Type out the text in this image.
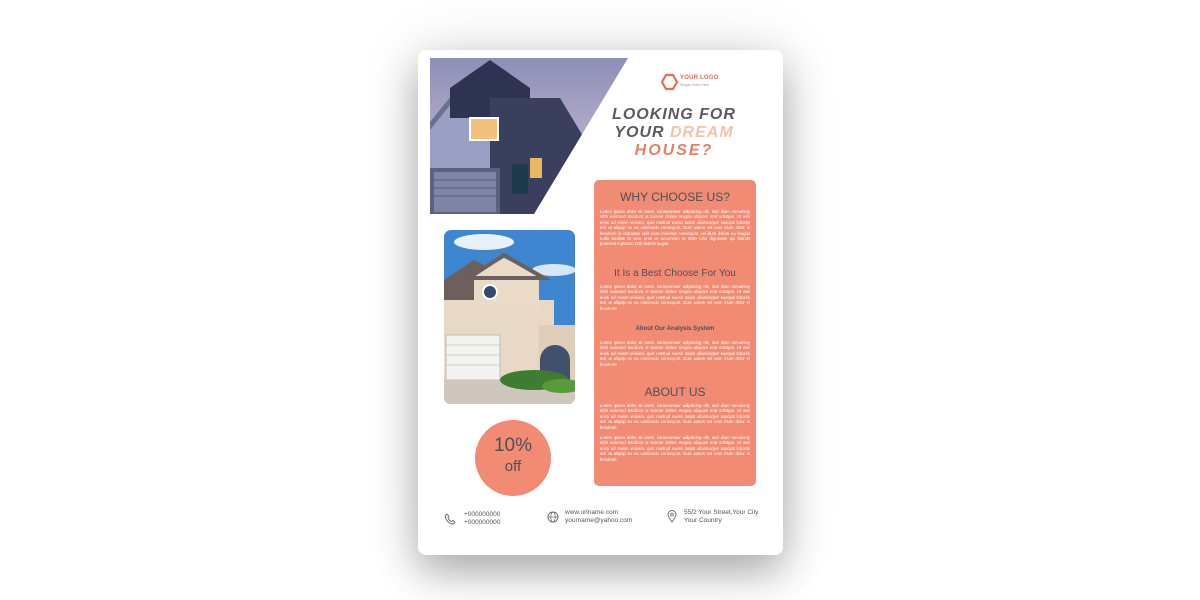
YOUR LOGO
Slogan Goes Here
LOOKING FOR
YOUR DREAM
HOUSE?
WHY CHOOSE US?
Lorem ipsum dolor sit amet, consectetuer adipiscing elit, sed diam nonummy nibh euismod tincidunt ut laoreet dolore magna aliquam erat volutpat. Ut wisi enim ad minim veniam, quis nostrud exerci tation ullamcorper suscipit lobortis nisl ut aliquip ex ea commodo consequat. Duis autem vel eum iriure dolor in hendrerit in vulputate velit esse molestie consequat, vel illum dolore eu feugiat nulla facilisis at vero eros et accumsan et iusto odio dignissim qui blandit praesent luptatum zzril delenit augue.
It Is a Best Choose For You
Lorem ipsum dolor sit amet, consectetuer adipiscing elit, sed diam nonummy nibh euismod tincidunt ut laoreet dolore magna aliquam erat volutpat. Ut wisi enim ad minim veniam, quis nostrud exerci tation ullamcorper suscipit lobortis nisl ut aliquip ex ea commodo consequat. Duis autem vel eum iriure dolor in hendrerit
About Our Analysis System
Lorem ipsum dolor sit amet, consectetuer adipiscing elit, sed diam nonummy nibh euismod tincidunt ut laoreet dolore magna aliquam erat volutpat. Ut wisi enim ad minim veniam, quis nostrud exerci tation ullamcorper suscipit lobortis nisl ut aliquip ex ea commodo consequat. Duis autem vel eum iriure dolor in hendrerit
ABOUT US
Lorem ipsum dolor sit amet, consectetuer adipiscing elit, sed diam nonummy nibh euismod tincidunt ut laoreet dolore magna aliquam erat volutpat. Ut wisi enim ad minim veniam, quis nostrud exerci tation ullamcorper suscipit lobortis nisl ut aliquip ex ea commodo consequat. Duis autem vel eum iriure dolor in hendrerit
Lorem ipsum dolor sit amet, consectetuer adipiscing elit, sed diam nonummy nibh euismod tincidunt ut laoreet dolore magna aliquam erat volutpat. Ut wisi enim ad minim veniam, quis nostrud exerci tation ullamcorper suscipit lobortis nisl ut aliquip ex ea commodo consequat. Duis autem vel eum iriure dolor in hendrerit
10%
off
+000000000
+000000000
www.urlname.com
yourname@yahoo.com
55/2 Your Street,Your City
Your Country
